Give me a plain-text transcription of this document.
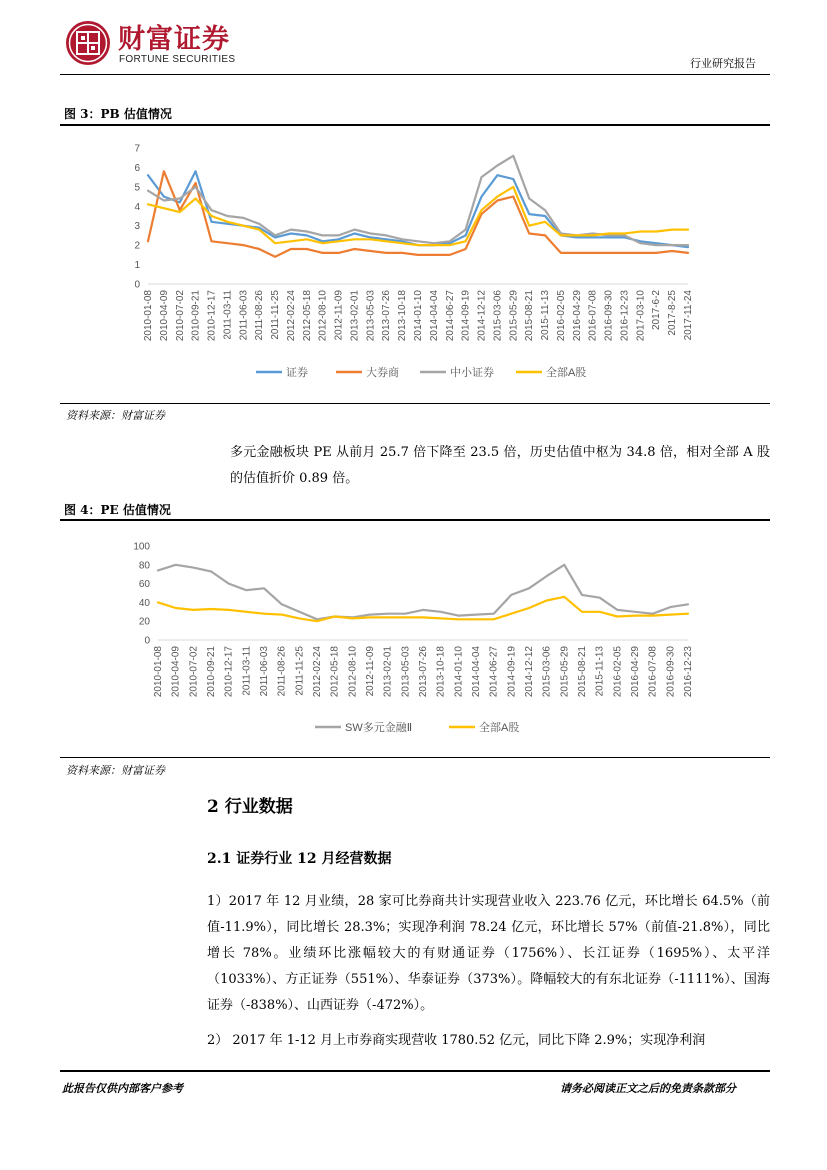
财富证券
FORTUNE SECURITIES	行业研究报告
图 3：PB 估值情况
0
1
2
3
4
5
6
7
2010-01-08 2010-04-09 2010-07-02 2010-09-21 2010-12-17 2011-03-11 2011-06-03 2011-08-26 2011-11-25 2012-02-24 2012-05-18 2012-08-10 2012-11-09 2013-02-01 2013-05-03 2013-07-26 2013-10-18 2014-01-10 2014-04-04 2014-06-27 2014-09-19 2014-12-12 2015-03-06 2015-05-29 2015-08-21 2015-11-13 2016-02-05 2016-04-29 2016-07-08 2016-09-30 2016-12-23 2017-03-10 2017-6-2 2017-8-25 2017-11-24
证券	大券商	中小证券	全部A股
资料来源：财富证券
多元金融板块 PE 从前月 25.7 倍下降至 23.5 倍，历史估值中枢为 34.8 倍，相对全部 A 股的估值折价 0.89 倍。
图 4：PE 估值情况
0
20
40
60
80
100
2010-01-08 2010-04-09 2010-07-02 2010-09-21 2010-12-17 2011-03-11 2011-06-03 2011-08-26 2011-11-25 2012-02-24 2012-05-18 2012-08-10 2012-11-09 2013-02-01 2013-05-03 2013-07-26 2013-10-18 2014-01-10 2014-04-04 2014-06-27 2014-09-19 2014-12-12 2015-03-06 2015-05-29 2015-08-21 2015-11-13 2016-02-05 2016-04-29 2016-07-08 2016-09-30 2016-12-23
SW多元金融Ⅱ	全部A股
资料来源：财富证券
2 行业数据
2.1 证券行业 12 月经营数据
1）2017 年 12 月业绩，28 家可比券商共计实现营业收入 223.76 亿元，环比增长 64.5%（前值-11.9%），同比增长 28.3%；实现净利润 78.24 亿元，环比增长 57%（前值-21.8%），同比增长 78%。业绩环比涨幅较大的有财通证券（1756%）、长江证券（1695%）、太平洋（1033%）、方正证券（551%）、华泰证券（373%）。降幅较大的有东北证券（-1111%）、国海证券（-838%）、山西证券（-472%）。
2） 2017 年 1-12 月上市券商实现营收 1780.52 亿元，同比下降 2.9%；实现净利润
此报告仅供内部客户参考	请务必阅读正文之后的免责条款部分
